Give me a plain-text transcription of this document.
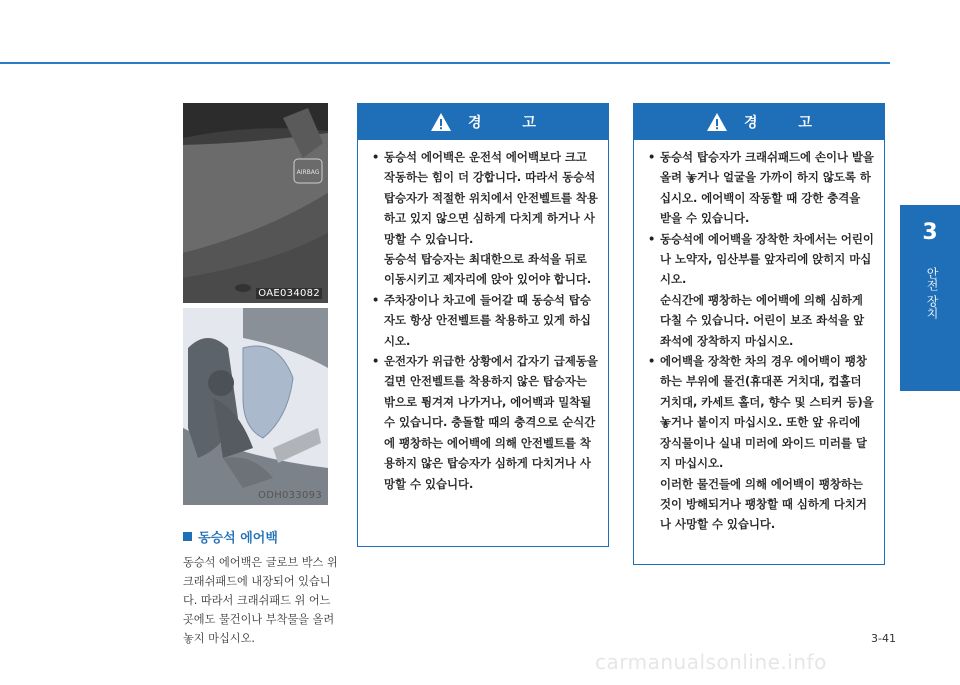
3
안전 장치
AIRBAG
OAE034082
ODH033093
동승석 에어백
동승석 에어백은 글로브 박스 위 크래쉬패드에 내장되어 있습니다. 따라서 크래쉬패드 위 어느 곳에도 물건이나 부착물을 올려 놓지 마십시오.
경 고
• 동승석 에어백은 운전석 에어백보다 크고 작동하는 힘이 더 강합니다. 따라서 동승석 탑승자가 적절한 위치에서 안전벨트를 착용하고 있지 않으면 심하게 다치게 하거나 사망할 수 있습니다.
동승석 탑승자는 최대한으로 좌석을 뒤로 이동시키고 제자리에 앉아 있어야 합니다.
• 주차장이나 차고에 들어갈 때 동승석 탑승자도 항상 안전벨트를 착용하고 있게 하십시오.
• 운전자가 위급한 상황에서 갑자기 급제동을 걸면 안전벨트를 착용하지 않은 탑승자는 밖으로 튕겨져 나가거나, 에어백과 밀착될 수 있습니다. 충돌할 때의 충격으로 순식간에 팽창하는 에어백에 의해 안전벨트를 착용하지 않은 탑승자가 심하게 다치거나 사망할 수 있습니다.
경 고
• 동승석 탑승자가 크래쉬패드에 손이나 발을 올려 놓거나 얼굴을 가까이 하지 않도록 하십시오. 에어백이 작동할 때 강한 충격을 받을 수 있습니다.
• 동승석에 에어백을 장착한 차에서는 어린이나 노약자, 임산부를 앞자리에 앉히지 마십시오.
순식간에 팽창하는 에어백에 의해 심하게 다칠 수 있습니다. 어린이 보조 좌석을 앞좌석에 장착하지 마십시오.
• 에어백을 장착한 차의 경우 에어백이 팽창하는 부위에 물건(휴대폰 거치대, 컵홀더 거치대, 카세트 홀더, 향수 및 스티커 등)을 놓거나 붙이지 마십시오. 또한 앞 유리에 장식물이나 실내 미러에 와이드 미러를 달지 마십시오.
이러한 물건들에 의해 에어백이 팽창하는 것이 방해되거나 팽창할 때 심하게 다치거나 사망할 수 있습니다.
3-41
carmanualsonline.info
